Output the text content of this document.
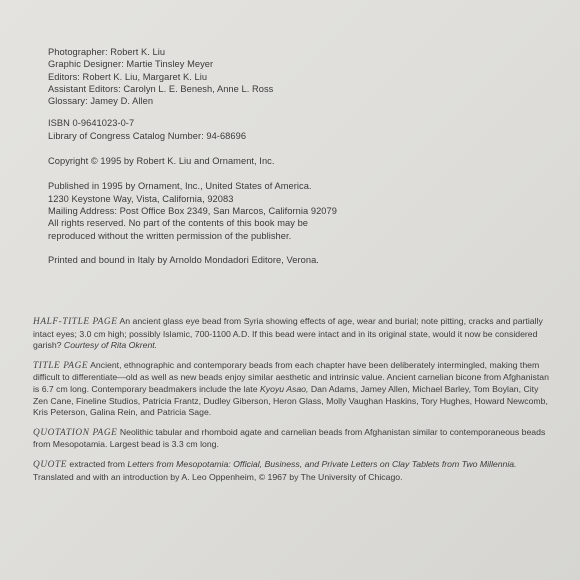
Photographer: Robert K. Liu
Graphic Designer: Martie Tinsley Meyer
Editors: Robert K. Liu, Margaret K. Liu
Assistant Editors: Carolyn L. E. Benesh, Anne L. Ross
Glossary: Jamey D. Allen
ISBN 0-9641023-0-7
Library of Congress Catalog Number: 94-68696
Copyright © 1995 by Robert K. Liu and Ornament, Inc.
Published in 1995 by Ornament, Inc., United States of America.
1230 Keystone Way, Vista, California, 92083
Mailing Address: Post Office Box 2349, San Marcos, California 92079
All rights reserved. No part of the contents of this book may be
reproduced without the written permission of the publisher.
Printed and bound in Italy by Arnoldo Mondadori Editore, Verona.

HALF-TITLE PAGE An ancient glass eye bead from Syria showing effects of age, wear and burial; note pitting, cracks and partially intact eyes; 3.0 cm high; possibly Islamic, 700-1100 A.D. If this bead were intact and in its original state, would it now be considered garish? Courtesy of Rita Okrent.

TITLE PAGE Ancient, ethnographic and contemporary beads from each chapter have been deliberately intermingled, making them difficult to differentiate—old as well as new beads enjoy similar aesthetic and intrinsic value. Ancient carnelian bicone from Afghanistan is 6.7 cm long. Contemporary beadmakers include the late Kyoyu Asao, Dan Adams, Jamey Allen, Michael Barley, Tom Boylan, City Zen Cane, Fineline Studios, Patricia Frantz, Dudley Giberson, Heron Glass, Molly Vaughan Haskins, Tory Hughes, Howard Newcomb, Kris Peterson, Galina Rein, and Patricia Sage.

QUOTATION PAGE Neolithic tabular and rhomboid agate and carnelian beads from Afghanistan similar to contemporaneous beads from Mesopotamia. Largest bead is 3.3 cm long.

QUOTE extracted from Letters from Mesopotamia: Official, Business, and Private Letters on Clay Tablets from Two Millennia. Translated and with an introduction by A. Leo Oppenheim, © 1967 by The University of Chicago.
